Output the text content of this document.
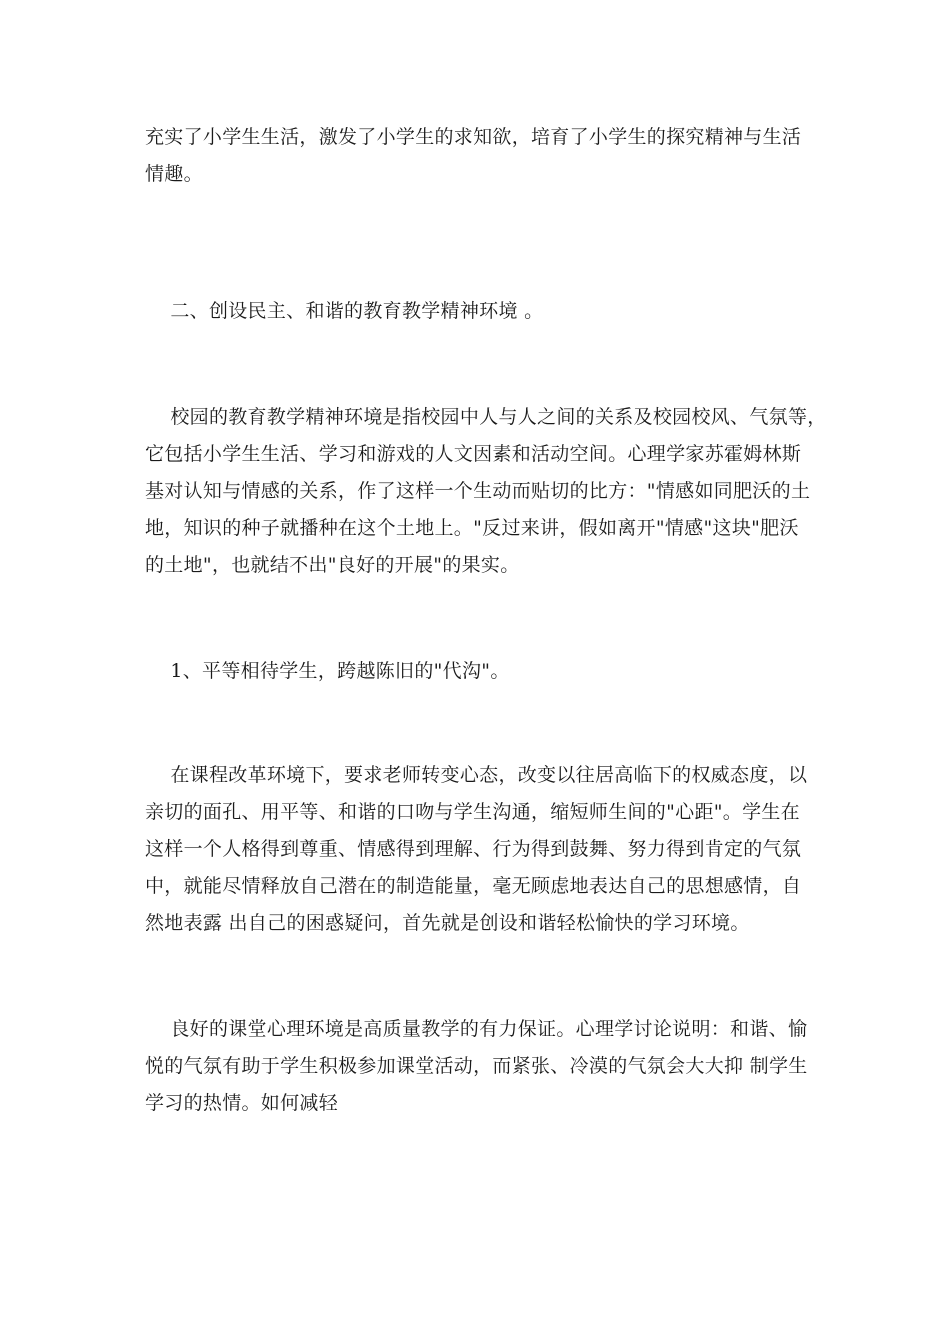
充实了小学生生活，激发了小学生的求知欲，培育了小学生的探究精神与生活
情趣。
二、创设民主、和谐的教育教学精神环境 。
校园的教育教学精神环境是指校园中人与人之间的关系及校园校风、气氛等，
它包括小学生生活、学习和游戏的人文因素和活动空间。心理学家苏霍姆林斯
基对认知与情感的关系，作了这样一个生动而贴切的比方："情感如同肥沃的土
地，知识的种子就播种在这个土地上。"反过来讲，假如离开"情感"这块"肥沃
的土地"，也就结不出"良好的开展"的果实。
1、平等相待学生，跨越陈旧的"代沟"。
在课程改革环境下，要求老师转变心态，改变以往居高临下的权威态度，以
亲切的面孔、用平等、和谐的口吻与学生沟通，缩短师生间的"心距"。学生在
这样一个人格得到尊重、情感得到理解、行为得到鼓舞、努力得到肯定的气氛
中，就能尽情释放自己潜在的制造能量，毫无顾虑地表达自己的思想感情，自
然地表露 出自己的困惑疑问，首先就是创设和谐轻松愉快的学习环境。
良好的课堂心理环境是高质量教学的有力保证。心理学讨论说明：和谐、愉
悦的气氛有助于学生积极参加课堂活动，而紧张、冷漠的气氛会大大抑 制学生
学习的热情。如何减轻
